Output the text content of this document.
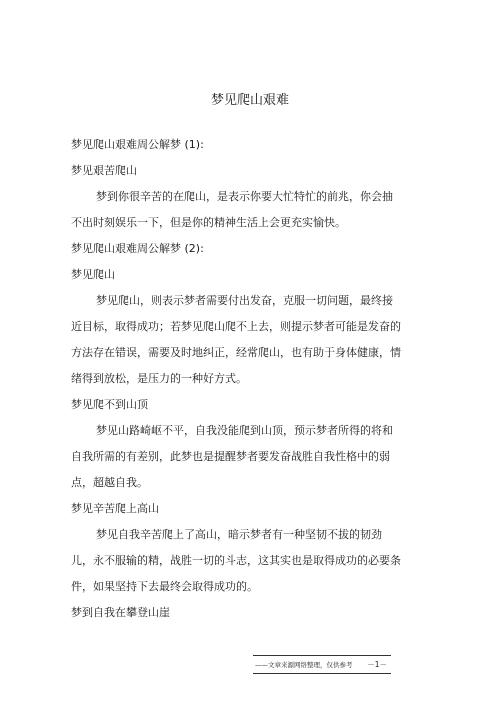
梦见爬山艰难
梦见爬山艰难周公解梦 (1):
梦见艰苦爬山
梦到你很辛苦的在爬山，是表示你要大忙特忙的前兆，你会抽不出时刻娱乐一下，但是你的精神生活上会更充实愉快。
梦见爬山艰难周公解梦 (2):
梦见爬山
梦见爬山，则表示梦者需要付出发奋，克服一切问题，最终接近目标，取得成功；若梦见爬山爬不上去，则提示梦者可能是发奋的方法存在错误，需要及时地纠正，经常爬山，也有助于身体健康，情绪得到放松，是压力的一种好方式。
梦见爬不到山顶
梦见山路崎岖不平，自我没能爬到山顶，预示梦者所得的将和自我所需的有差别，此梦也是提醒梦者要发奋战胜自我性格中的弱点，超越自我。
梦见辛苦爬上高山
梦见自我辛苦爬上了高山，暗示梦者有一种坚韧不拔的韧劲儿，永不服输的精，战胜一切的斗志，这其实也是取得成功的必要条件，如果坚持下去最终会取得成功的。
梦到自我在攀登山崖
——文章来源网络整理，仅供参考 －1－
